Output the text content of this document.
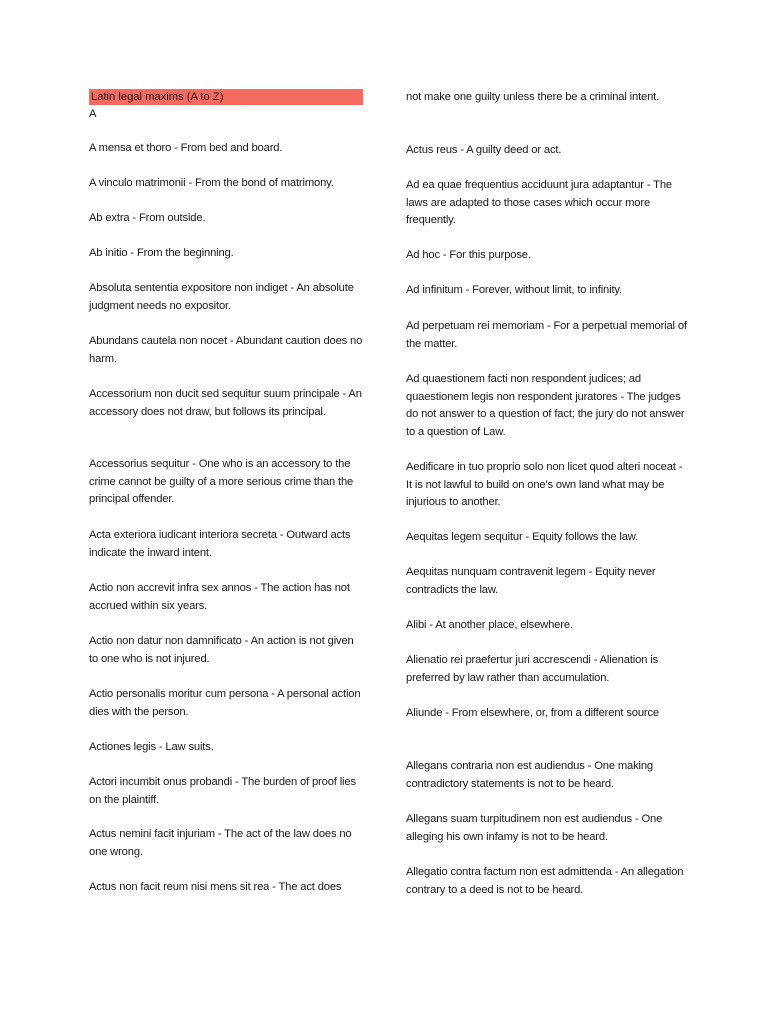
Latin legal maxims (A to Z)
A
A mensa et thoro - From bed and board.
A vinculo matrimonii - From the bond of matrimony.
Ab extra - From outside.
Ab initio - From the beginning.
Absoluta sententia expositore non indiget - An absolute judgment needs no expositor.
Abundans cautela non nocet - Abundant caution does no harm.
Accessorium non ducit sed sequitur suum principale - An accessory does not draw, but follows its principal.
Accessorius sequitur - One who is an accessory to the crime cannot be guilty of a more serious crime than the principal offender.
Acta exteriora iudicant interiora secreta - Outward acts indicate the inward intent.
Actio non accrevit infra sex annos - The action has not accrued within six years.
Actio non datur non damnificato - An action is not given to one who is not injured.
Actio personalis moritur cum persona - A personal action dies with the person.
Actiones legis - Law suits.
Actori incumbit onus probandi - The burden of proof lies on the plaintiff.
Actus nemini facit injuriam - The act of the law does no one wrong.
Actus non facit reum nisi mens sit rea - The act does
not make one guilty unless there be a criminal intent.
Actus reus - A guilty deed or act.
Ad ea quae frequentius acciduunt jura adaptantur - The laws are adapted to those cases which occur more frequently.
Ad hoc - For this purpose.
Ad infinitum - Forever, without limit, to infinity.
Ad perpetuam rei memoriam - For a perpetual memorial of the matter.
Ad quaestionem facti non respondent judices; ad quaestionem legis non respondent juratores - The judges do not answer to a question of fact; the jury do not answer to a question of Law.
Aedificare in tuo proprio solo non licet quod alteri noceat - It is not lawful to build on one's own land what may be injurious to another.
Aequitas legem sequitur - Equity follows the law.
Aequitas nunquam contravenit legem - Equity never contradicts the law.
Alibi - At another place, elsewhere.
Alienatio rei praefertur juri accrescendi - Alienation is preferred by law rather than accumulation.
Aliunde - From elsewhere, or, from a different source
Allegans contraria non est audiendus - One making contradictory statements is not to be heard.
Allegans suam turpitudinem non est audiendus - One alleging his own infamy is not to be heard.
Allegatio contra factum non est admittenda - An allegation contrary to a deed is not to be heard.
